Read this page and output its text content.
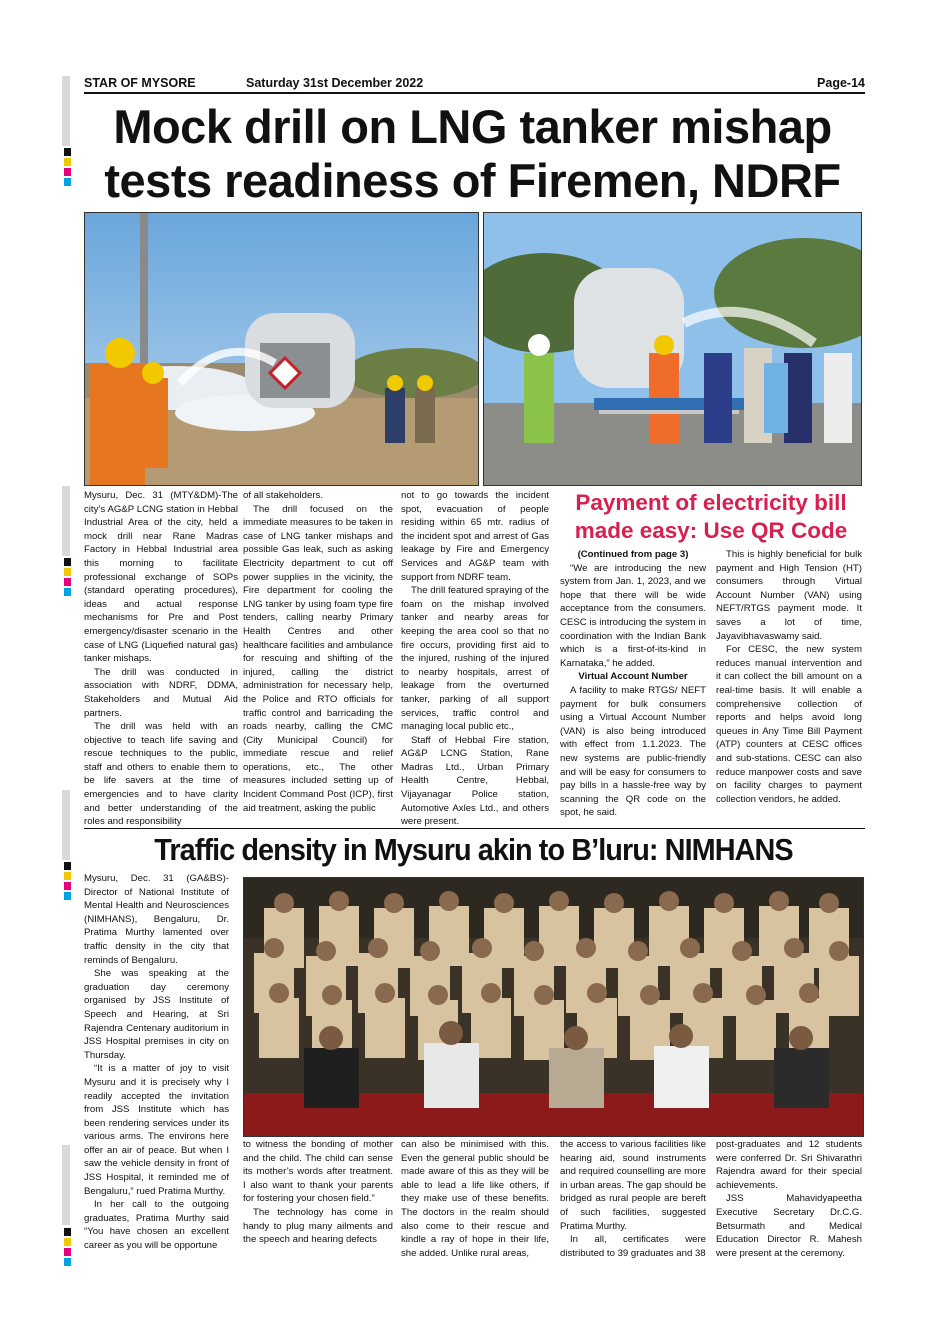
STAR OF MYSORE	Saturday 31st December 2022	Page-14
Mock drill on LNG tanker mishap
tests readiness of Firemen, NDRF

Mysuru, Dec. 31 (MTY&DM)-The city’s AG&P LCNG station in Hebbal Industrial Area of the city, held a mock drill near Rane Madras Factory in Hebbal Industrial area this morning to facilitate professional exchange of SOPs (standard operating procedures), ideas and actual response mechanisms for Pre and Post emergency/disaster scenario in the case of LNG (Liquefied natural gas) tanker mishaps.

The drill was conducted in association with NDRF, DDMA, Stakeholders and Mutual Aid partners.

The drill was held with an objective to teach life saving and rescue techniques to the public, staff and others to enable them to be life savers at the time of emergencies and to have clarity and better understanding of the roles and responsibility

of all stakeholders.

The drill focused on the immediate measures to be taken in case of LNG tanker mishaps and possible Gas leak, such as asking Electricity department to cut off power supplies in the vicinity, the Fire department for cooling the LNG tanker by using foam type fire tenders, calling nearby Primary Health Centres and other healthcare facilities and ambulance for rescuing and shifting of the injured, calling the district administration for necessary help, the Police and RTO officials for traffic control and barricading the roads nearby, calling the CMC (City Municipal Council) for immediate rescue and relief operations, etc., The other measures included setting up of Incident Command Post (ICP), first aid treatment, asking the public

not to go towards the incident spot, evacuation of people residing within 65 mtr. radius of the incident spot and arrest of Gas leakage by Fire and Emergency Services and AG&P team with support from NDRF team.

The drill featured spraying of the foam on the mishap involved tanker and nearby areas for keeping the area cool so that no fire occurs, providing first aid to the injured, rushing of the injured to nearby hospitals, arrest of leakage from the overturned tanker, parking of all support services, traffic control and managing local public etc.,

Staff of Hebbal Fire station, AG&P LCNG Station, Rane Madras Ltd., Urban Primary Health Centre, Hebbal, Vijayanagar Police station, Automotive Axles Ltd., and others were present.

Payment of electricity bill made easy: Use QR Code

(Continued from page 3)

“We are introducing the new system from Jan. 1, 2023, and we hope that there will be wide acceptance from the consumers. CESC is introducing the system in coordination with the Indian Bank which is a first-of-its-kind in Karnataka,” he added.

Virtual Account Number

A facility to make RTGS/ NEFT payment for bulk consumers using a Virtual Account Number (VAN) is also being introduced with effect from 1.1.2023. The new systems are public-friendly and will be easy for consumers to pay bills in a hassle-free way by scanning the QR code on the spot, he said.

This is highly beneficial for bulk payment and High Tension (HT) consumers through Virtual Account Number (VAN) using NEFT/RTGS payment mode. It saves a lot of time, Jayavibhavaswamy said.

For CESC, the new system reduces manual intervention and it can collect the bill amount on a real-time basis. It will enable a comprehensive collection of reports and helps avoid long queues in Any Time Bill Payment (ATP) counters at CESC offices and sub-stations. CESC can also reduce manpower costs and save on facility charges to payment collection vendors, he added.

Traffic density in Mysuru akin to B’luru: NIMHANS

Mysuru, Dec. 31 (GA&BS)-Director of National Institute of Mental Health and Neurosciences (NIMHANS), Bengaluru, Dr. Pratima Murthy lamented over traffic density in the city that reminds of Bengaluru.

She was speaking at the graduation day ceremony organised by JSS Institute of Speech and Hearing, at Sri Rajendra Centenary auditorium in JSS Hospital premises in city on Thursday.

“It is a matter of joy to visit Mysuru and it is precisely why I readily accepted the invitation from JSS Institute which has been rendering services under its various arms. The environs here offer an air of peace. But when I saw the vehicle density in front of JSS Hospital, it reminded me of Bengaluru,” rued Pratima Murthy.

In her call to the outgoing graduates, Pratima Murthy said “You have chosen an excellent career as you will be opportune

to witness the bonding of mother and the child. The child can sense its mother’s words after treatment. I also want to thank your parents for fostering your chosen field.”

The technology has come in handy to plug many ailments and the speech and hearing defects

can also be minimised with this. Even the general public should be made aware of this as they will be able to lead a life like others, if they make use of these benefits. The doctors in the realm should also come to their rescue and kindle a ray of hope in their life, she added. Unlike rural areas,

the access to various facilities like hearing aid, sound instruments and required counselling are more in urban areas. The gap should be bridged as rural people are bereft of such facilities, suggested Pratima Murthy.

In all, certificates were distributed to 39 graduates and 38

post-graduates and 12 students were conferred Dr. Sri Shivarathri Rajendra award for their special achievements.

JSS Mahavidyapeetha Executive Secretary Dr.C.G. Betsurmath and Medical Education Director R. Mahesh were present at the ceremony.
